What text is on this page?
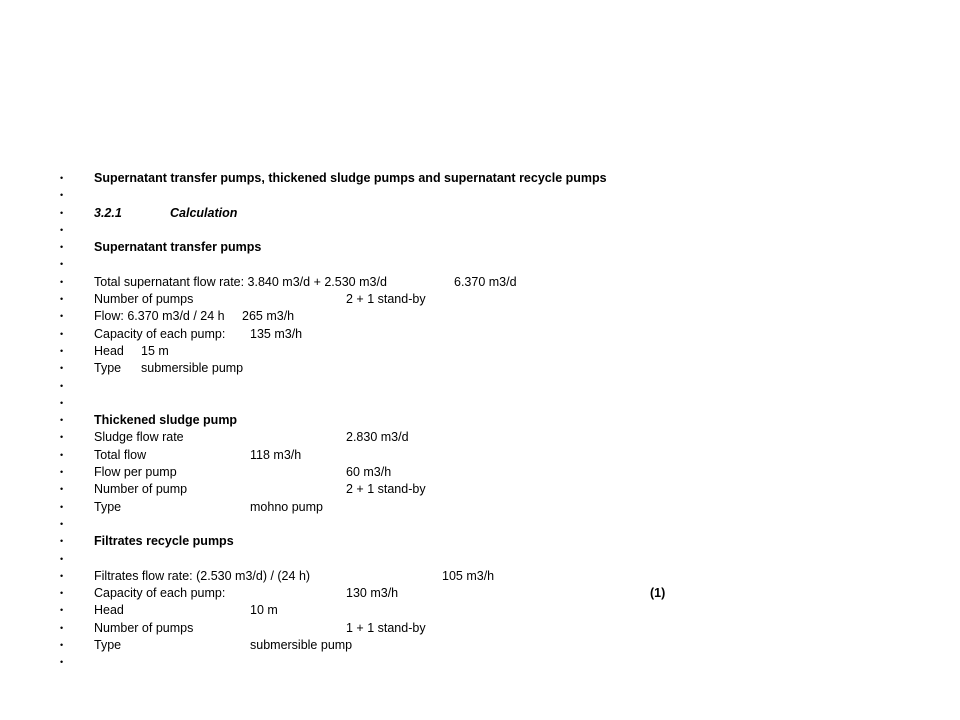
• Supernatant transfer pumps, thickened sludge pumps and supernatant recycle pumps
•
• 3.2.1	Calculation
•
• Supernatant transfer pumps
•
• Total supernatant flow rate: 3.840 m3/d + 2.530 m3/d	6.370 m3/d
• Number of pumps	2 + 1 stand-by
• Flow: 6.370 m3/d / 24 h 265 m3/h
• Capacity of each pump: 135 m3/h
• Head 15 m
• Type submersible pump
•
•
• Thickened sludge pump
• Sludge flow rate	2.830 m3/d
• Total flow	118 m3/h
• Flow per pump	60 m3/h
• Number of pump	2 + 1 stand-by
• Type	mohno pump
•
• Filtrates recycle pumps
•
• Filtrates flow rate: (2.530 m3/d) / (24 h)	105 m3/h
• Capacity of each pump:	130 m3/h	(1)
• Head	10 m
• Number of pumps	1 + 1 stand-by
• Type	submersible pump
•
